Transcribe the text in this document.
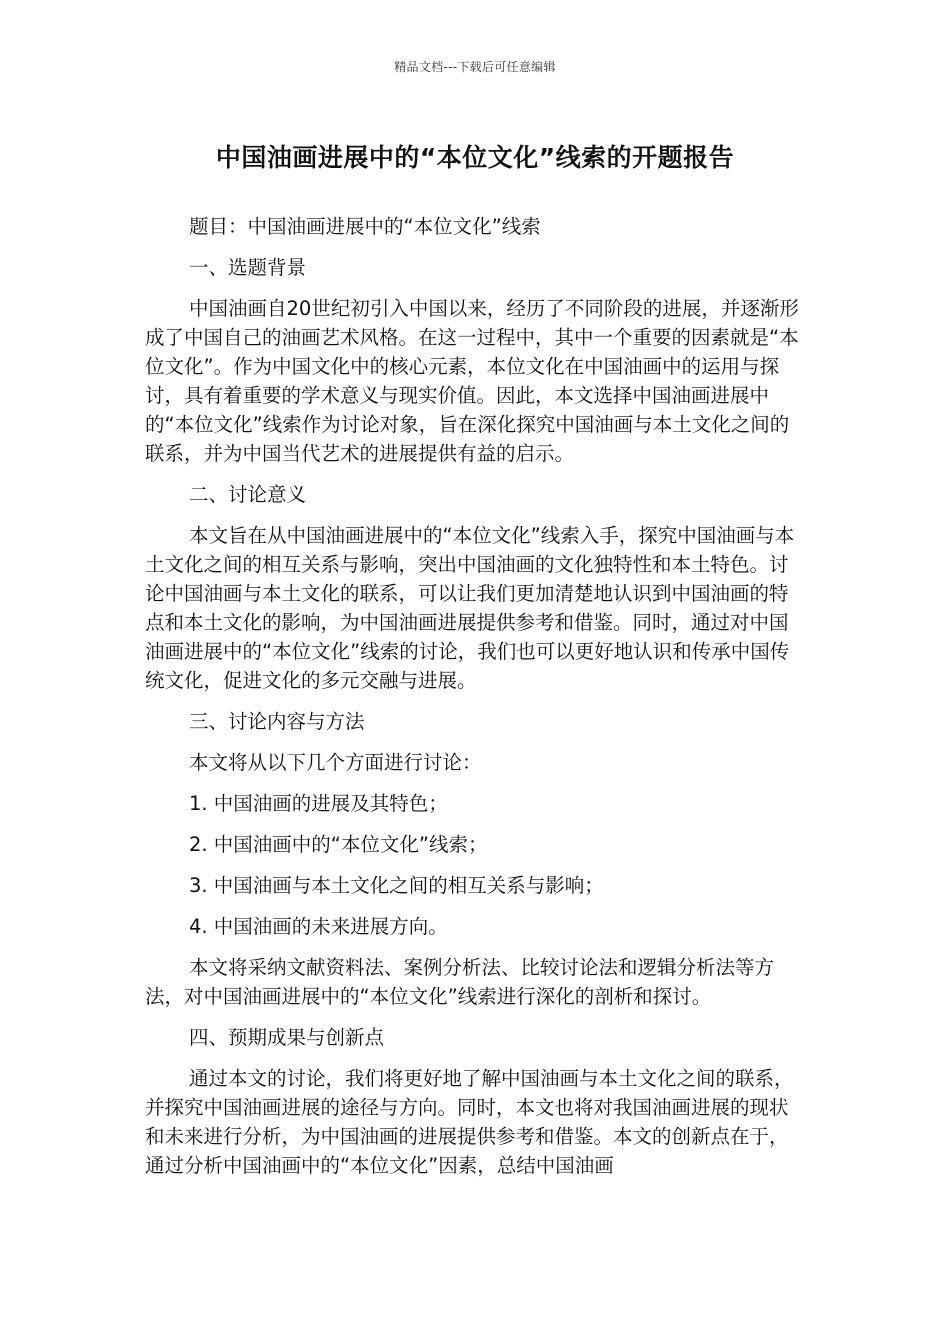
精品文档---下载后可任意编辑
中国油画进展中的“本位文化”线索的开题报告

题目：中国油画进展中的“本位文化”线索

一、选题背景

中国油画自20世纪初引入中国以来，经历了不同阶段的进展，并逐渐形成了中国自己的油画艺术风格。在这一过程中，其中一个重要的因素就是“本位文化”。作为中国文化中的核心元素，本位文化在中国油画中的运用与探讨，具有着重要的学术意义与现实价值。因此，本文选择中国油画进展中的“本位文化”线索作为讨论对象，旨在深化探究中国油画与本土文化之间的联系，并为中国当代艺术的进展提供有益的启示。

二、讨论意义

本文旨在从中国油画进展中的“本位文化”线索入手，探究中国油画与本土文化之间的相互关系与影响，突出中国油画的文化独特性和本土特色。讨论中国油画与本土文化的联系，可以让我们更加清楚地认识到中国油画的特点和本土文化的影响，为中国油画进展提供参考和借鉴。同时，通过对中国油画进展中的“本位文化”线索的讨论，我们也可以更好地认识和传承中国传统文化，促进文化的多元交融与进展。

三、讨论内容与方法

本文将从以下几个方面进行讨论：

1. 中国油画的进展及其特色；

2. 中国油画中的“本位文化”线索；

3. 中国油画与本土文化之间的相互关系与影响；

4. 中国油画的未来进展方向。

本文将采纳文献资料法、案例分析法、比较讨论法和逻辑分析法等方法，对中国油画进展中的“本位文化”线索进行深化的剖析和探讨。

四、预期成果与创新点

通过本文的讨论，我们将更好地了解中国油画与本土文化之间的联系，并探究中国油画进展的途径与方向。同时，本文也将对我国油画进展的现状和未来进行分析，为中国油画的进展提供参考和借鉴。本文的创新点在于，通过分析中国油画中的“本位文化”因素，总结中国油画
